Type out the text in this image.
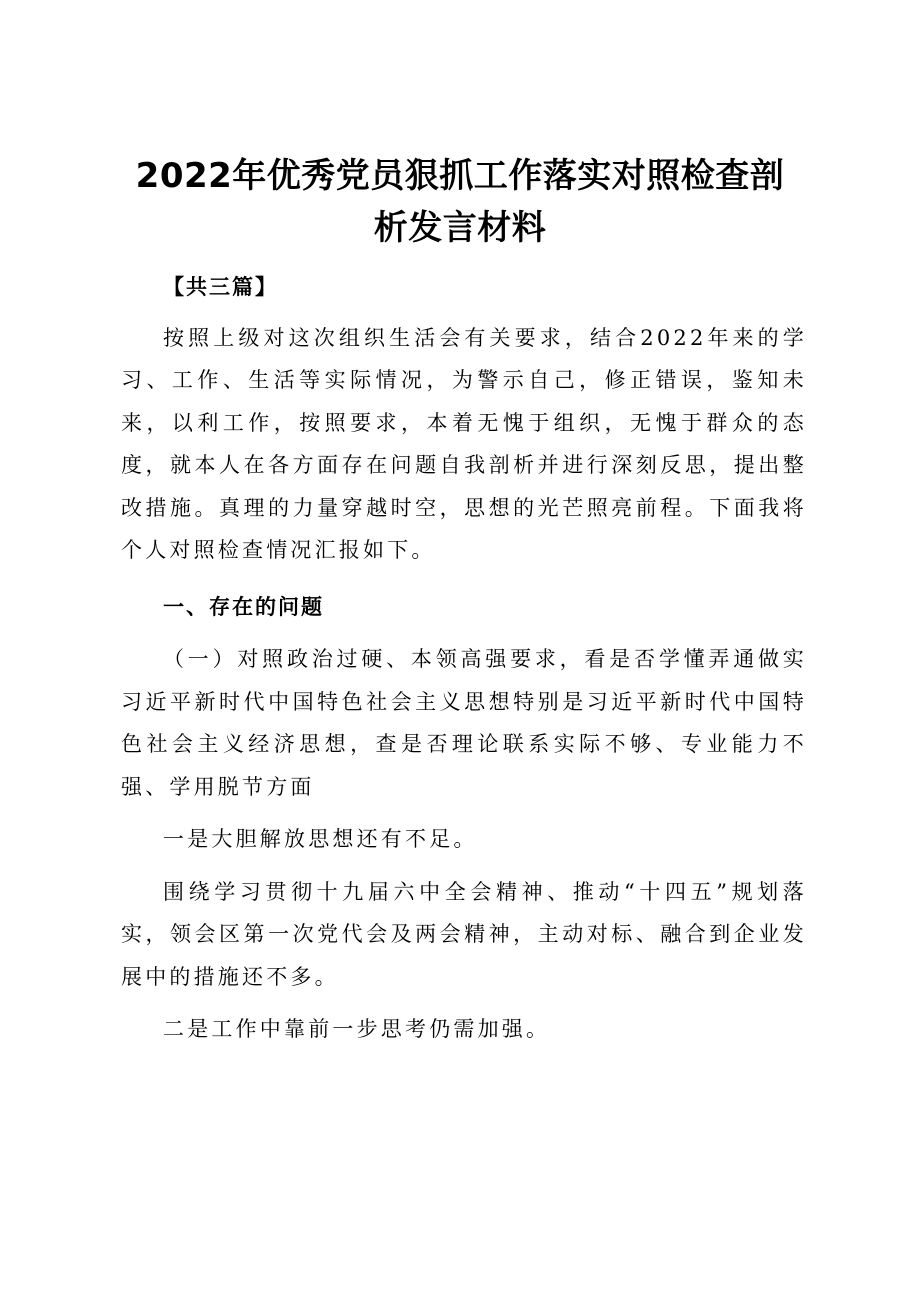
2022年优秀党员狠抓工作落实对照检查剖
析发言材料

【共三篇】

按照上级对这次组织生活会有关要求，结合2022年来的学习、工作、生活等实际情况，为警示自己，修正错误，鉴知未来，以利工作，按照要求，本着无愧于组织，无愧于群众的态度，就本人在各方面存在问题自我剖析并进行深刻反思，提出整改措施。真理的力量穿越时空，思想的光芒照亮前程。下面我将个人对照检查情况汇报如下。

一、存在的问题

（一）对照政治过硬、本领高强要求，看是否学懂弄通做实习近平新时代中国特色社会主义思想特别是习近平新时代中国特色社会主义经济思想，查是否理论联系实际不够、专业能力不强、学用脱节方面

一是大胆解放思想还有不足。

围绕学习贯彻十九届六中全会精神、推动“十四五”规划落实，领会区第一次党代会及两会精神，主动对标、融合到企业发展中的措施还不多。

二是工作中靠前一步思考仍需加强。
